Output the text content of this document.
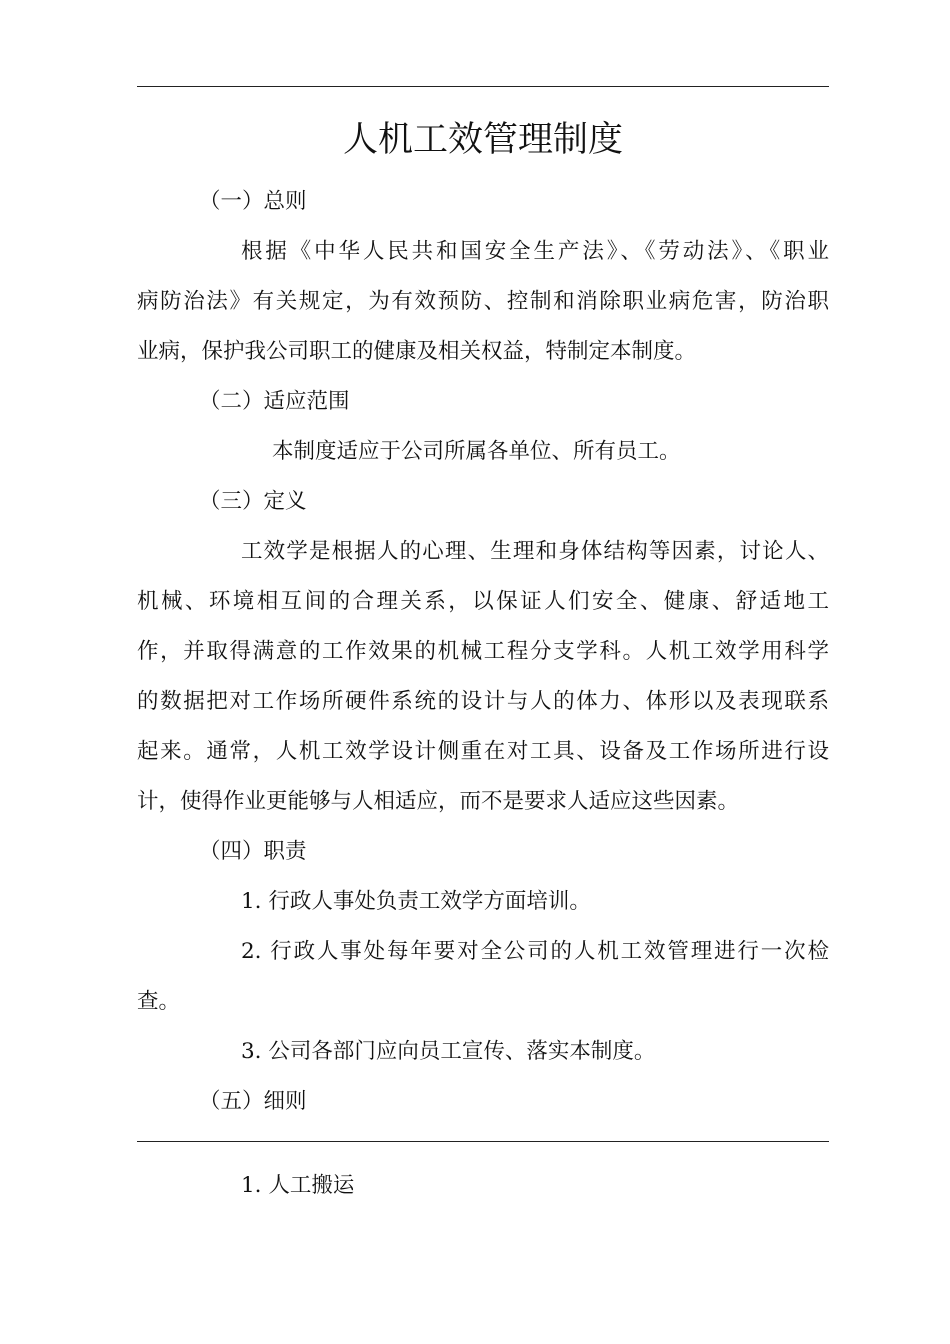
人机工效管理制度

（一）总则

根据《中华人民共和国安全生产法》、《劳动法》、《职业

病防治法》有关规定，为有效预防、控制和消除职业病危害，防治职

业病，保护我公司职工的健康及相关权益，特制定本制度。

（二）适应范围

本制度适应于公司所属各单位、所有员工。

（三）定义

工效学是根据人的心理、生理和身体结构等因素，讨论人、

机械、环境相互间的合理关系，以保证人们安全、健康、舒适地工

作，并取得满意的工作效果的机械工程分支学科。人机工效学用科学

的数据把对工作场所硬件系统的设计与人的体力、体形以及表现联系

起来。通常，人机工效学设计侧重在对工具、设备及工作场所进行设

计，使得作业更能够与人相适应，而不是要求人适应这些因素。

（四）职责

1. 行政人事处负责工效学方面培训。

2. 行政人事处每年要对全公司的人机工效管理进行一次检

查。

3. 公司各部门应向员工宣传、落实本制度。

（五）细则

1. 人工搬运
